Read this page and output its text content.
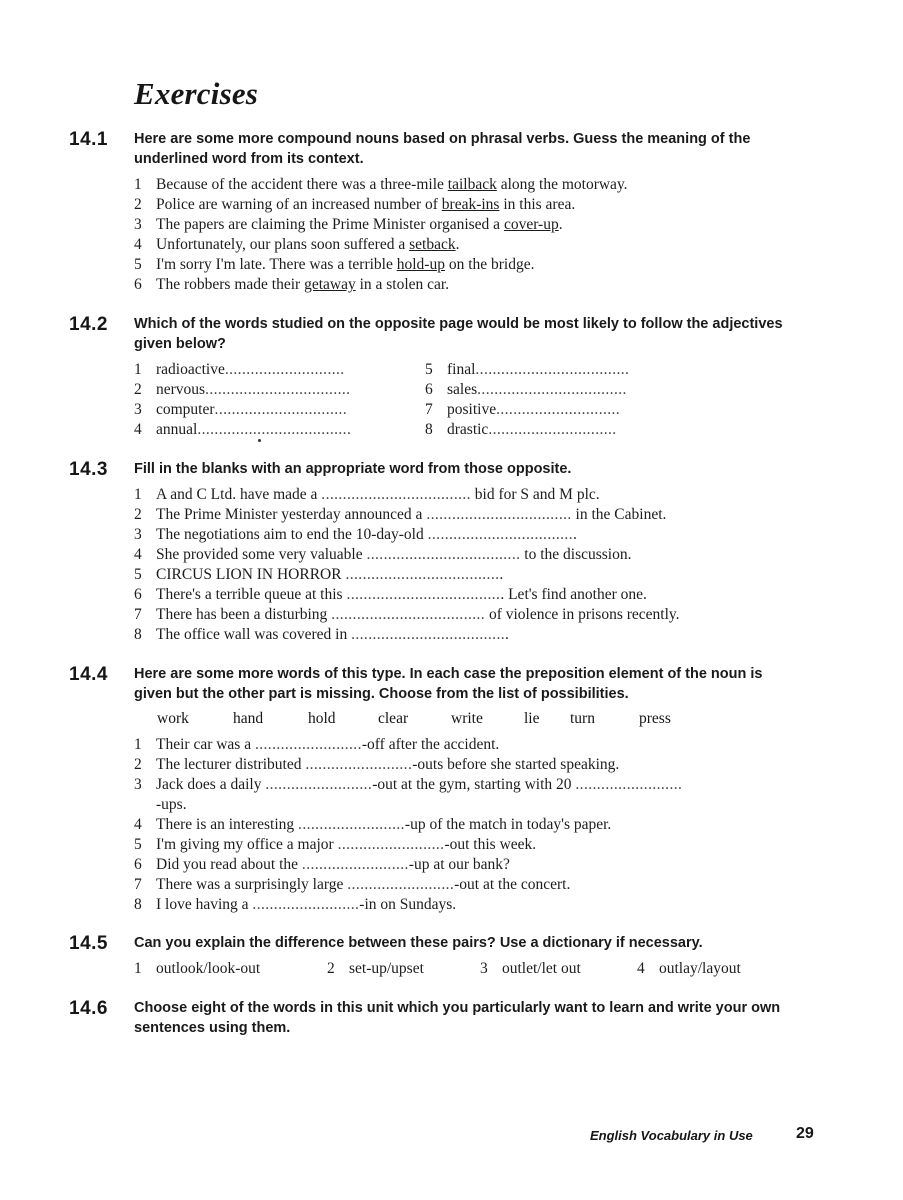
Exercises
14.1 Here are some more compound nouns based on phrasal verbs. Guess the meaning of the underlined word from its context.
1 Because of the accident there was a three-mile tailback along the motorway.
2 Police are warning of an increased number of break-ins in this area.
3 The papers are claiming the Prime Minister organised a cover-up.
4 Unfortunately, our plans soon suffered a setback.
5 I'm sorry I'm late. There was a terrible hold-up on the bridge.
6 The robbers made their getaway in a stolen car.
14.2 Which of the words studied on the opposite page would be most likely to follow the adjectives given below?
1 radioactive............................
2 nervous..................................
3 computer...............................
4 annual....................................
5 final....................................
6 sales...................................
7 positive.............................
8 drastic..............................
14.3 Fill in the blanks with an appropriate word from those opposite.
1 A and C Ltd. have made a ................................... bid for S and M plc.
2 The Prime Minister yesterday announced a .................................. in the Cabinet.
3 The negotiations aim to end the 10-day-old ...................................
4 She provided some very valuable .................................... to the discussion.
5 CIRCUS LION IN HORROR .....................................
6 There's a terrible queue at this ..................................... Let's find another one.
7 There has been a disturbing .................................... of violence in prisons recently.
8 The office wall was covered in .....................................
14.4 Here are some more words of this type. In each case the preposition element of the noun is given but the other part is missing. Choose from the list of possibilities.
work	hand	hold	clear	write	lie turn	press
1 Their car was a .........................-off after the accident.
2 The lecturer distributed .........................-outs before she started speaking.
3 Jack does a daily .........................-out at the gym, starting with 20 .........................
-ups.
4 There is an interesting .........................-up of the match in today's paper.
5 I'm giving my office a major .........................-out this week.
6 Did you read about the .........................-up at our bank?
7 There was a surprisingly large .........................-out at the concert.
8 I love having a .........................-in on Sundays.
14.5 Can you explain the difference between these pairs? Use a dictionary if necessary.
1 outlook/look-out	2 set-up/upset	3 outlet/let out	4 outlay/layout
14.6 Choose eight of the words in this unit which you particularly want to learn and write your own sentences using them.
English Vocabulary in Use	29
